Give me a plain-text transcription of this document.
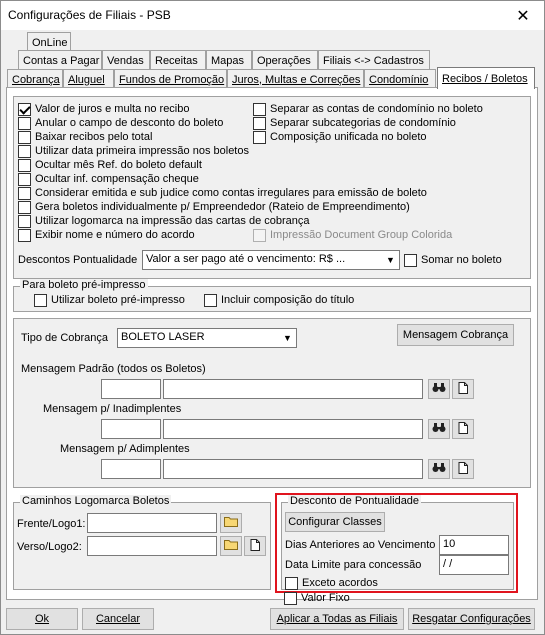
Configurações de Filiais - PSB	✕
OnLine
Contas a Pagar Vendas Receitas Mapas Operações Filiais <-> Cadastros
Cobrança Aluguel Fundos de Promoção Juros, Multas e Correções Condomínio Recibos / Boletos
Valor de juros e multa no recibo
Anular o campo de desconto do boleto
Baixar recibos pelo total
Utilizar data primeira impressão nos boletos
Ocultar mês Ref. do boleto default
Ocultar inf. compensação cheque
Considerar emitida e sub judice como contas irregulares para emissão de boleto
Gera boletos individualmente p/ Empreendedor (Rateio de Empreendimento)
Utilizar logomarca na impressão das cartas de cobrança
Exibir nome e número do acordo
Separar as contas de condomínio no boleto
Separar subcategorias de condomínio
Composição unificada no boleto
Impressão Document Group Colorida
Descontos Pontualidade Valor a ser pago até o vencimento: R$ ...	▼	Somar no boleto
Para boleto pré-impresso
Utilizar boleto pré-impresso	Incluir composição do título
Tipo de Cobrança	BOLETO LASER	▼	Mensagem Cobrança
Mensagem Padrão (todos os Boletos)
Mensagem p/ Inadimplentes
Mensagem p/ Adimplentes
Caminhos Logomarca Boletos
Frente/Logo1:
Verso/Logo2:
Desconto de Pontualidade
Configurar Classes
Dias Anteriores ao Vencimento 10
Data Limite para concessão	/ /
Exceto acordos
Valor Fixo
Ok	Cancelar	Aplicar a Todas as Filiais Resgatar Configurações
